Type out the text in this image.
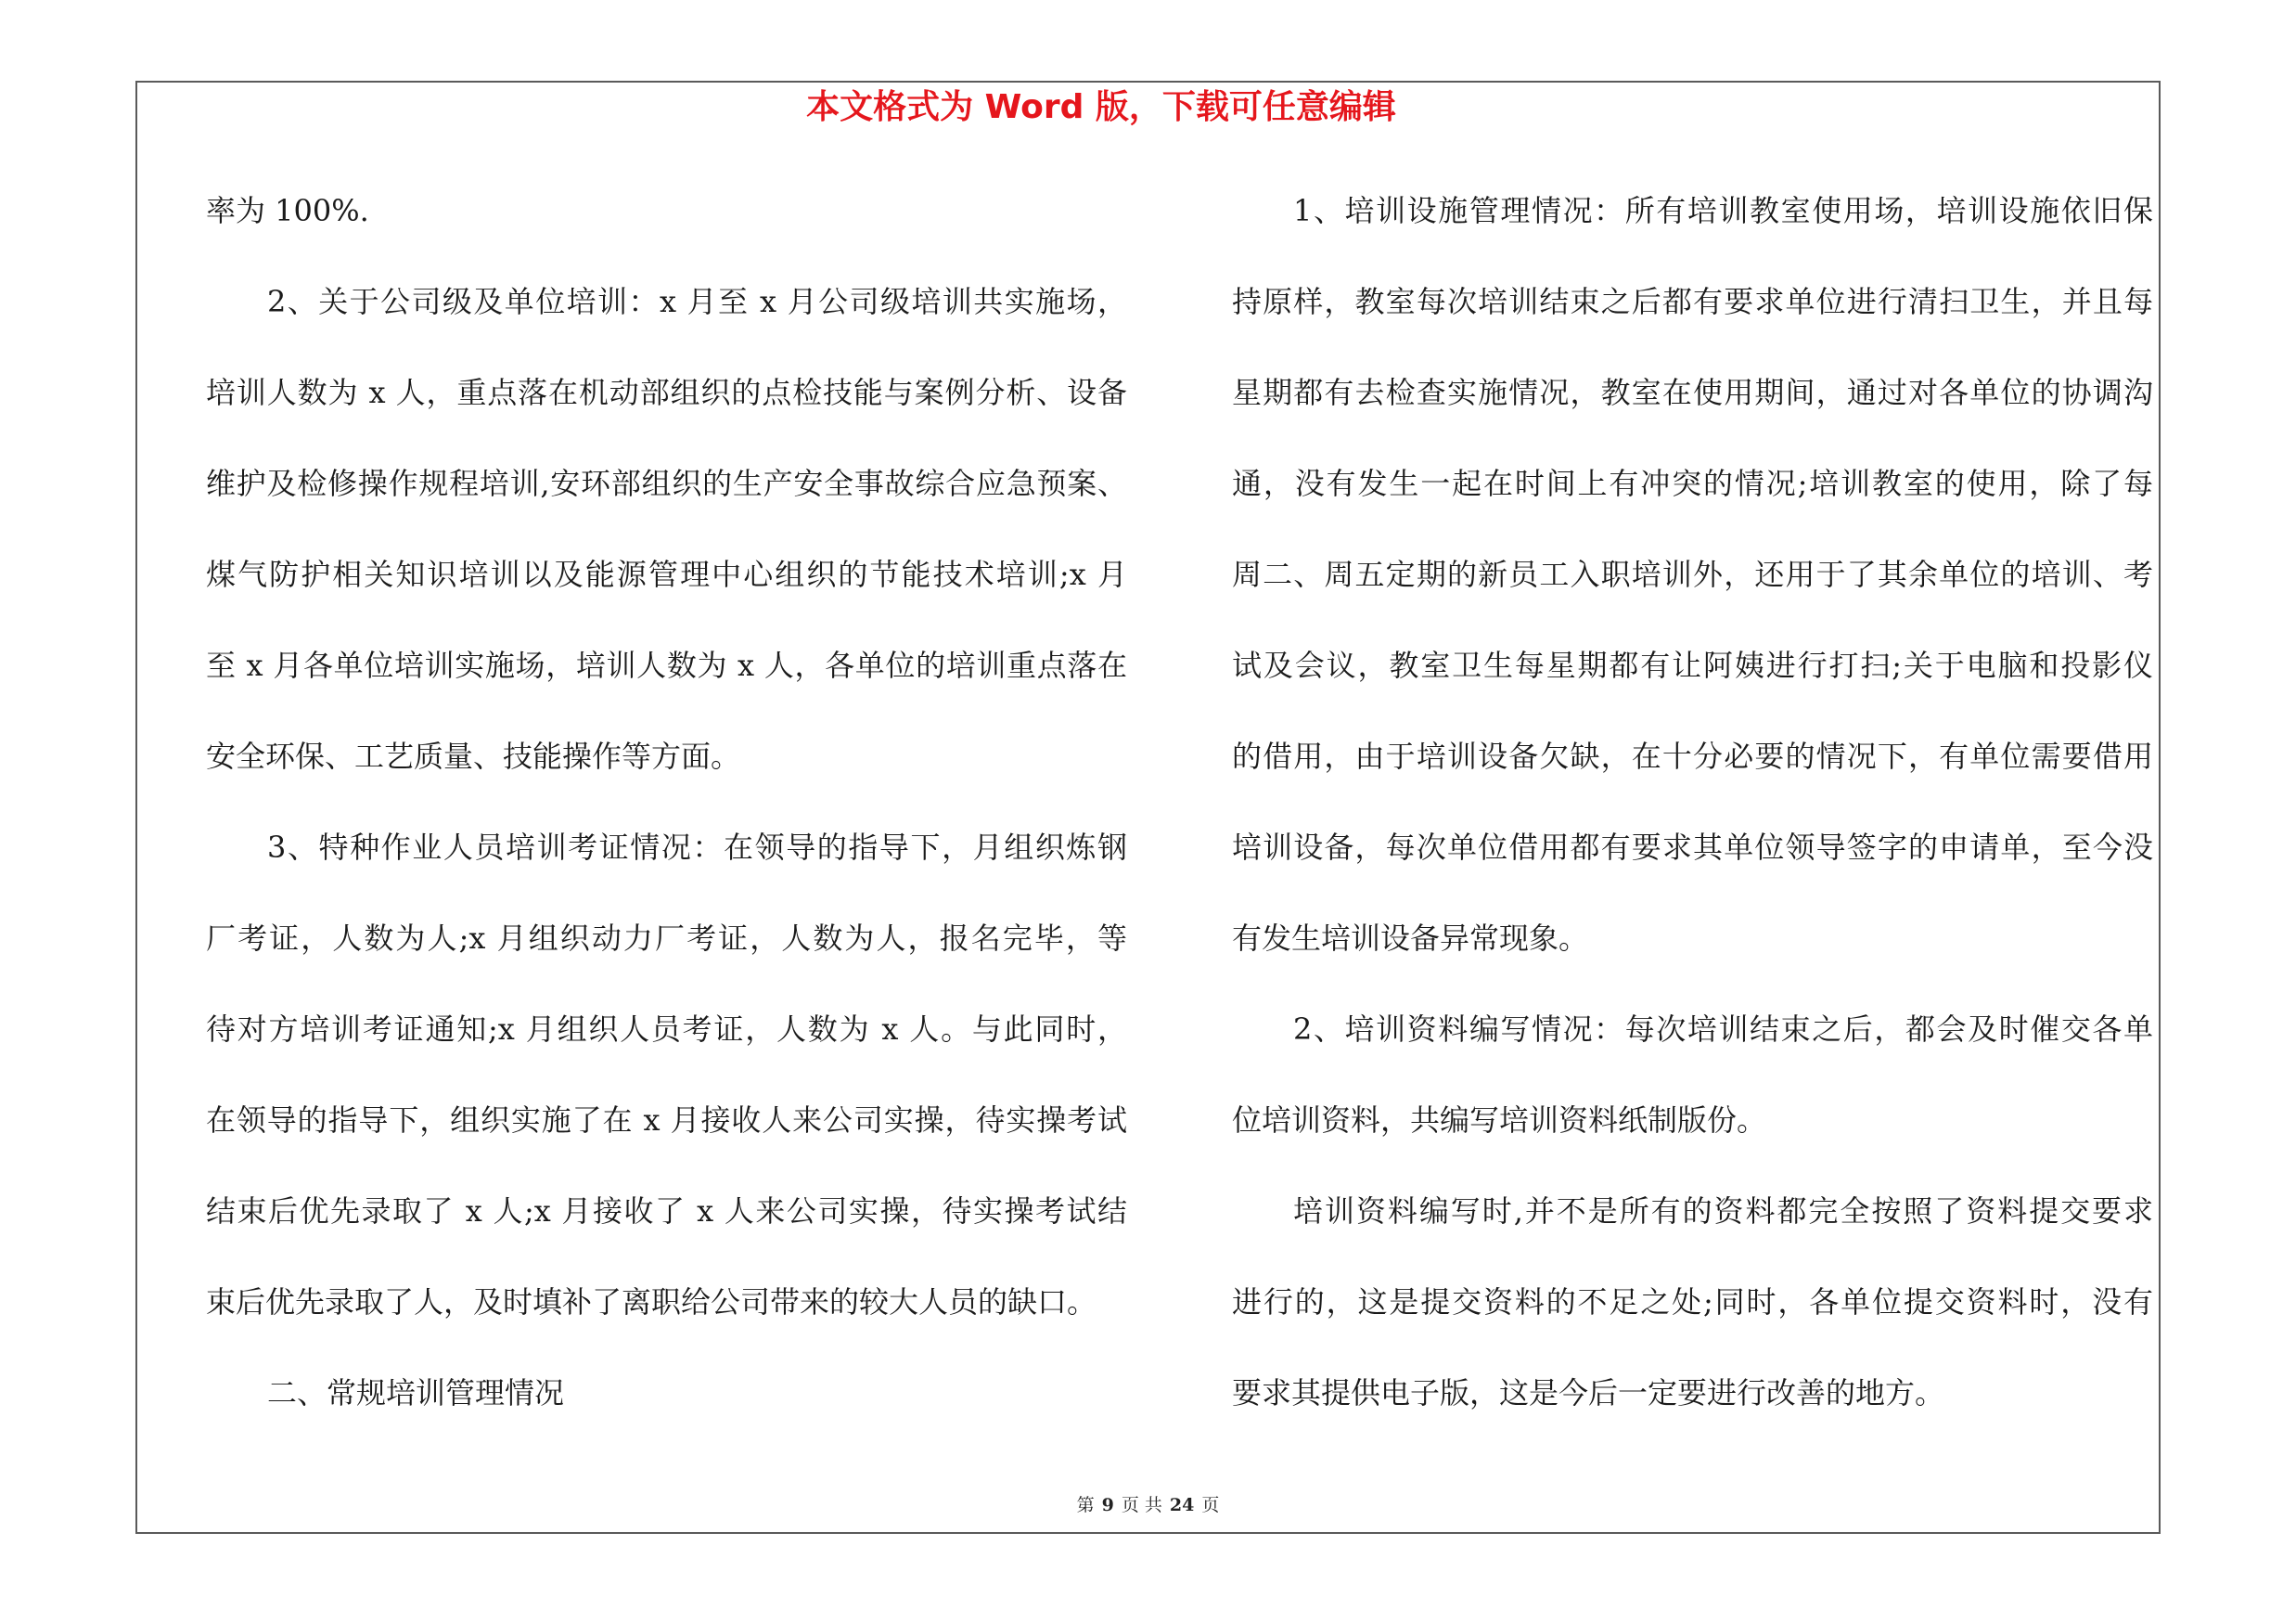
本文格式为 Word 版，下载可任意编辑
率为 100%.
2、关于公司级及单位培训：x 月至 x 月公司级培训共实施场，
培训人数为 x 人，重点落在机动部组织的点检技能与案例分析、设备
维护及检修操作规程培训,安环部组织的生产安全事故综合应急预案、
煤气防护相关知识培训以及能源管理中心组织的节能技术培训;x 月
至 x 月各单位培训实施场，培训人数为 x 人，各单位的培训重点落在
安全环保、工艺质量、技能操作等方面。
3、特种作业人员培训考证情况：在领导的指导下，月组织炼钢
厂考证，人数为人;x 月组织动力厂考证，人数为人，报名完毕，等
待对方培训考证通知;x 月组织人员考证，人数为 x 人。与此同时，
在领导的指导下，组织实施了在 x 月接收人来公司实操，待实操考试
结束后优先录取了 x 人;x 月接收了 x 人来公司实操，待实操考试结
束后优先录取了人，及时填补了离职给公司带来的较大人员的缺口。
二、常规培训管理情况
1、培训设施管理情况：所有培训教室使用场，培训设施依旧保
持原样，教室每次培训结束之后都有要求单位进行清扫卫生，并且每
星期都有去检查实施情况，教室在使用期间，通过对各单位的协调沟
通，没有发生一起在时间上有冲突的情况;培训教室的使用，除了每
周二、周五定期的新员工入职培训外，还用于了其余单位的培训、考
试及会议，教室卫生每星期都有让阿姨进行打扫;关于电脑和投影仪
的借用，由于培训设备欠缺，在十分必要的情况下，有单位需要借用
培训设备，每次单位借用都有要求其单位领导签字的申请单，至今没
有发生培训设备异常现象。
2、培训资料编写情况：每次培训结束之后，都会及时催交各单
位培训资料，共编写培训资料纸制版份。
培训资料编写时,并不是所有的资料都完全按照了资料提交要求
进行的，这是提交资料的不足之处;同时，各单位提交资料时，没有
要求其提供电子版，这是今后一定要进行改善的地方。
第 9 页 共 24 页
